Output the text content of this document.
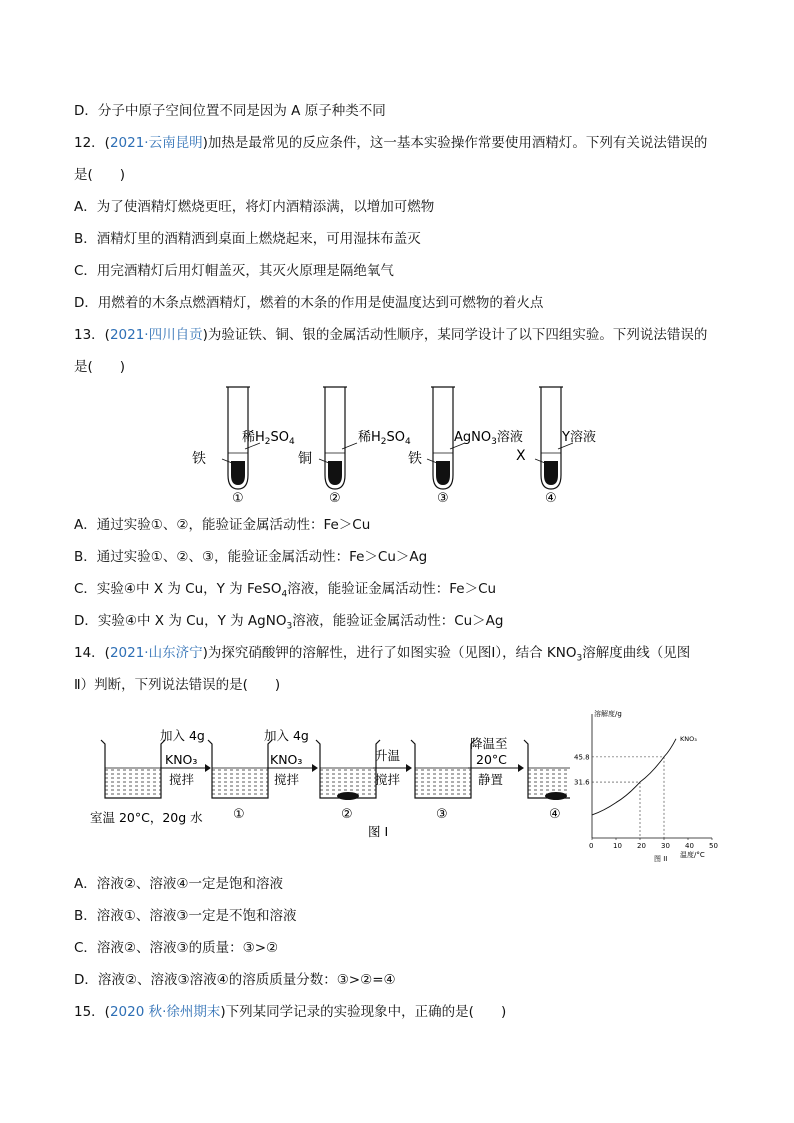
D．分子中原子空间位置不同是因为 A 原子种类不同
12．(2021·云南昆明)加热是最常见的反应条件，这一基本实验操作常要使用酒精灯。下列有关说法错误的
是(　　)
A．为了使酒精灯燃烧更旺，将灯内酒精添满，以增加可燃物
B．酒精灯里的酒精洒到桌面上燃烧起来，可用湿抹布盖灭
C．用完酒精灯后用灯帽盖灭，其灭火原理是隔绝氧气
D．用燃着的木条点燃酒精灯，燃着的木条的作用是使温度达到可燃物的着火点
13．(2021·四川自贡)为验证铁、铜、银的金属活动性顺序，某同学设计了以下四组实验。下列说法错误的
是(　　)
铁
稀$H_2SO_4$
①
铜
稀$H_2SO_4$
②
铁
AgNO$_3$溶液
③
X
Y溶液
④
A．通过实验①、②，能验证金属活动性：Fe＞Cu
B．通过实验①、②、③，能验证金属活动性：Fe＞Cu＞Ag
C．实验④中 X 为 Cu，Y 为 FeSO$_4$溶液，能验证金属活动性：Fe＞Cu
D．实验④中 X 为 Cu，Y 为 AgNO$_3$溶液，能验证金属活动性：Cu＞Ag
14．(2021·山东济宁)为探究硝酸钾的溶解性，进行了如图实验（见图Ⅰ），结合 $KNO_3$溶解度曲线（见图
Ⅱ）判断，下列说法错误的是(　　)
加入 4g
KNO₃
搅拌
加入 4g
KNO₃
搅拌
升温
搅拌
降温至
20°C
静置
室温 20°C，20g 水 ①	②	③	④
图 I
溶解度/g
温度/°C
图 II
0	10 20 30 40 50
31.6
45.8
KNO₃
A．溶液②、溶液④一定是饱和溶液
B．溶液①、溶液③一定是不饱和溶液
C．溶液②、溶液③的质量：③>②
D．溶液②、溶液③溶液④的溶质质量分数：③>②=④
15．(2020 秋·徐州期末)下列某同学记录的实验现象中，正确的是(　　)
